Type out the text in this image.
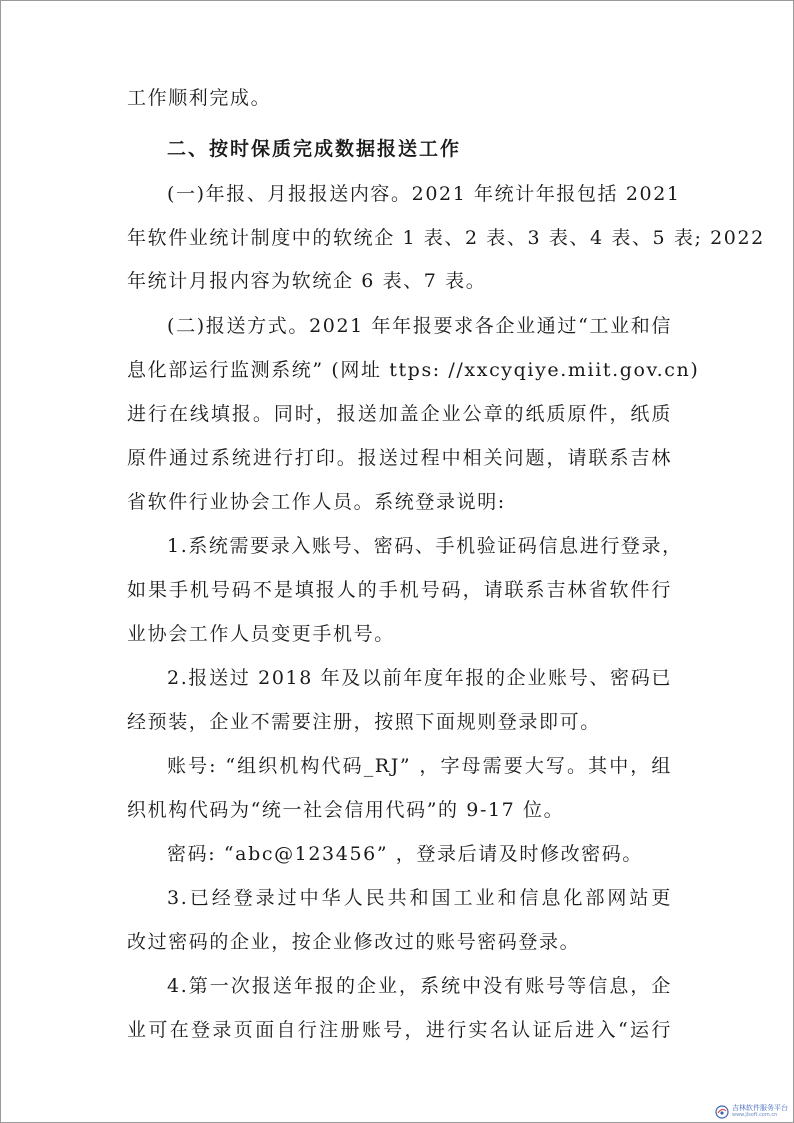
工作顺利完成。
二、按时保质完成数据报送工作
(一)年报、月报报送内容。2021 年统计年报包括 2021
年软件业统计制度中的软统企 1 表、2 表、3 表、4 表、5 表; 2022
年统计月报内容为软统企 6 表、7 表。
(二)报送方式。2021 年年报要求各企业通过“工业和信
息化部运行监测系统” (网址 ttps: //xxcyqiye.miit.gov.cn)
进行在线填报。同时，报送加盖企业公章的纸质原件，纸质
原件通过系统进行打印。报送过程中相关问题，请联系吉林
省软件行业协会工作人员。系统登录说明:
1.系统需要录入账号、密码、手机验证码信息进行登录，
如果手机号码不是填报人的手机号码，请联系吉林省软件行
业协会工作人员变更手机号。
2.报送过 2018 年及以前年度年报的企业账号、密码已
经预装，企业不需要注册，按照下面规则登录即可。
账号: “组织机构代码_RJ” ，字母需要大写。其中，组
织机构代码为“统一社会信用代码”的 9-17 位。
密码: “abc@123456” ，登录后请及时修改密码。
3.已经登录过中华人民共和国工业和信息化部网站更
改过密码的企业，按企业修改过的账号密码登录。
4.第一次报送年报的企业，系统中没有账号等信息，企
业可在登录页面自行注册账号，进行实名认证后进入“运行
吉林软件服务平台
www.jlsoft.com.cn
